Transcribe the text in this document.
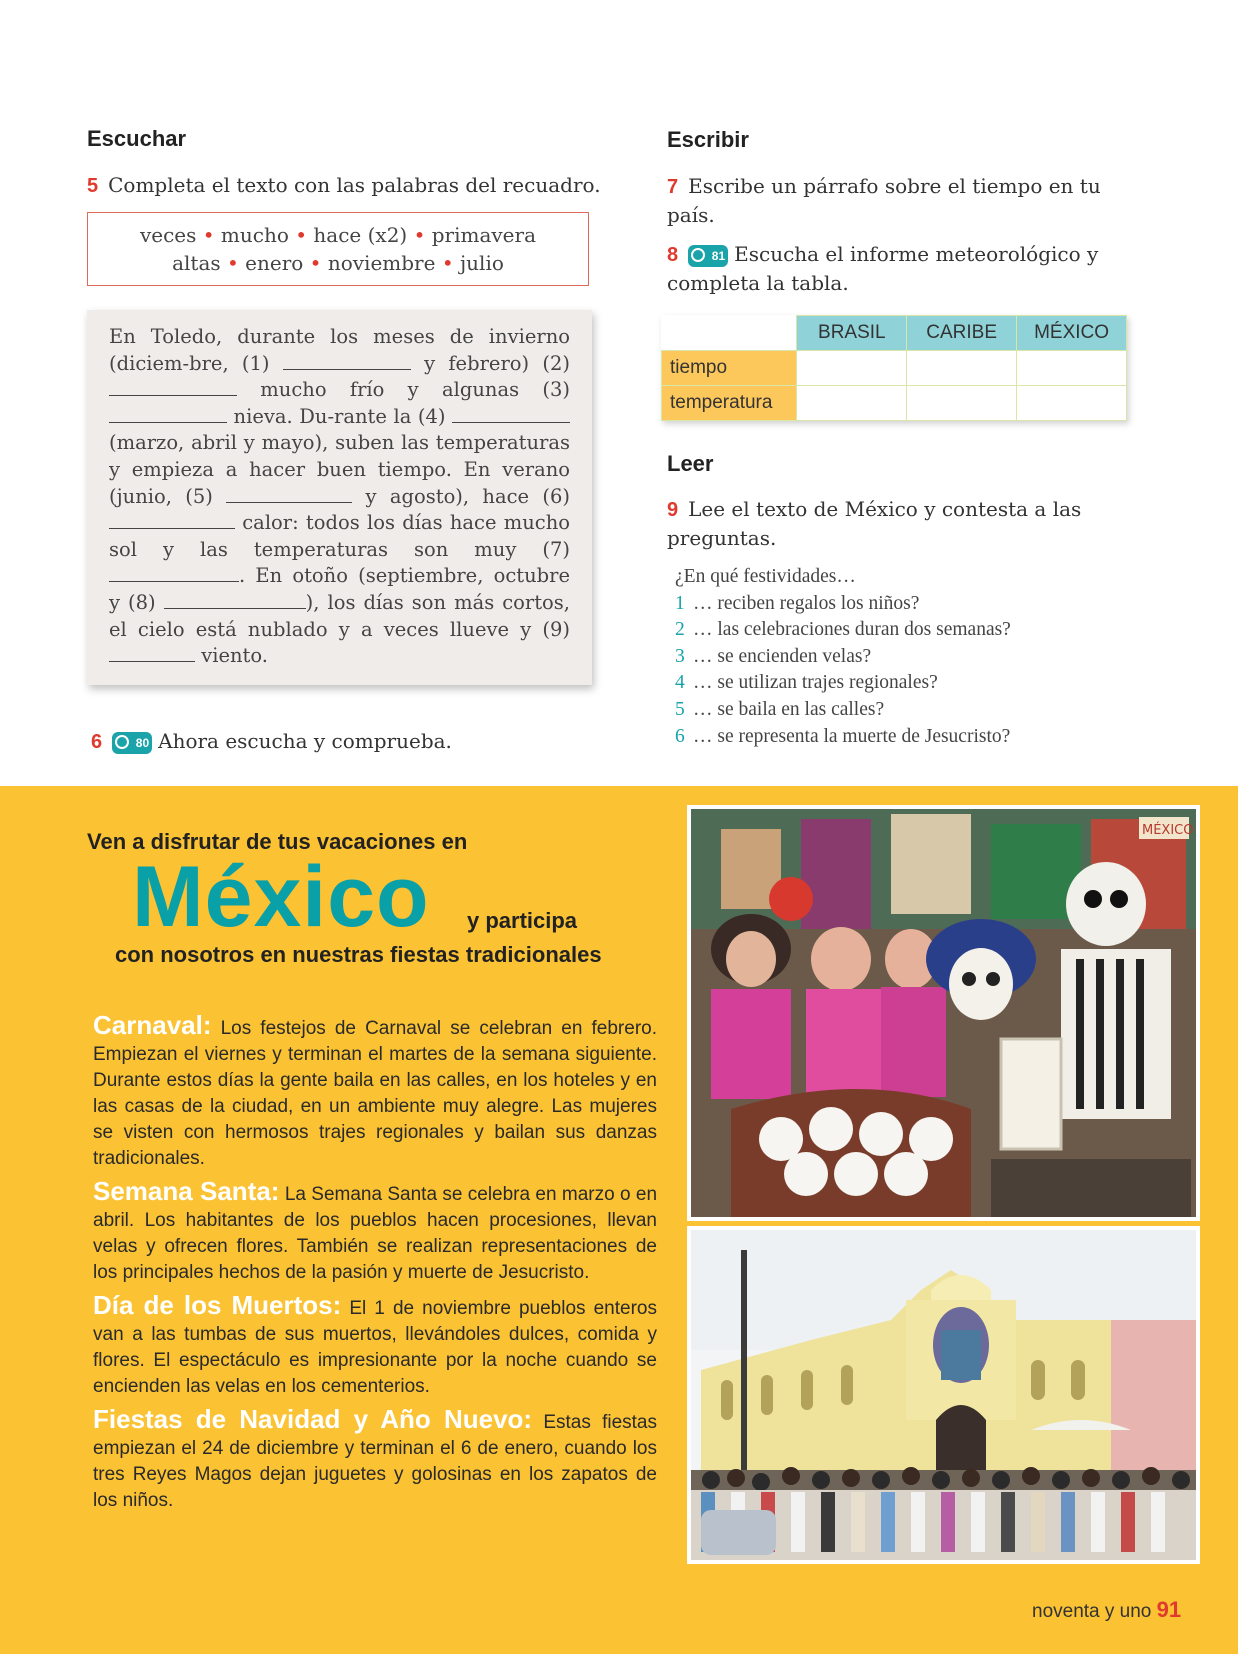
Escuchar
5 Completa el texto con las palabras del recuadro.
veces • mucho • hace (x2) • primavera
altas • enero • noviembre • julio
En Toledo, durante los meses de invierno (diciem-bre, (1)	y febrero) (2)  mucho frío y algunas (3)  nieva. Du-rante la (4)  (marzo, abril y mayo), suben las temperaturas y empieza a hacer buen tiempo. En verano (junio, (5)	y agosto), hace (6)  calor: todos los días hace mucho sol y las temperaturas son muy (7) . En otoño (septiembre, octubre y (8)	), los días son más cortos, el cielo está nublado y a veces llueve y (9)  viento.
6	80 Ahora escucha y comprueba.
Escribir
7 Escribe un párrafo sobre el tiempo en tu país.
8	81 Escucha el informe meteorológico y completa la tabla.
	BRASIL	CARIBE	MÉXICO
tiempo			
temperatura			
Leer
9 Lee el texto de México y contesta a las preguntas.
¿En qué festividades…
1 … reciben regalos los niños?
2 … las celebraciones duran dos semanas?
3 … se encienden velas?
4 … se utilizan trajes regionales?
5 … se baila en las calles?
6 … se representa la muerte de Jesucristo?
Ven a disfrutar de tus vacaciones en
México y participa
con nosotros en nuestras fiestas tradicionales
Carnaval: Los festejos de Carnaval se celebran en febrero. Empiezan el viernes y terminan el martes de la semana siguiente. Durante estos días la gente baila en las calles, en los hoteles y en las casas de la ciudad, en un ambiente muy alegre. Las mujeres se visten con hermosos trajes regionales y bailan sus danzas tradicionales.
Semana Santa: La Semana Santa se celebra en marzo o en abril. Los habitantes de los pueblos hacen procesiones, llevan velas y ofrecen flores. También se realizan representaciones de los principales hechos de la pasión y muerte de Jesucristo.
Día de los Muertos: El 1 de noviembre pueblos enteros van a las tumbas de sus muertos, llevándoles dulces, comida y flores. El espectáculo es impresionante por la noche cuando se encienden las velas en los cementerios.
Fiestas de Navidad y Año Nuevo: Estas fiestas empiezan el 24 de diciembre y terminan el 6 de enero, cuando los tres Reyes Magos dejan juguetes y golosinas en los zapatos de los niños.
MÉXICO
noventa y uno 91
